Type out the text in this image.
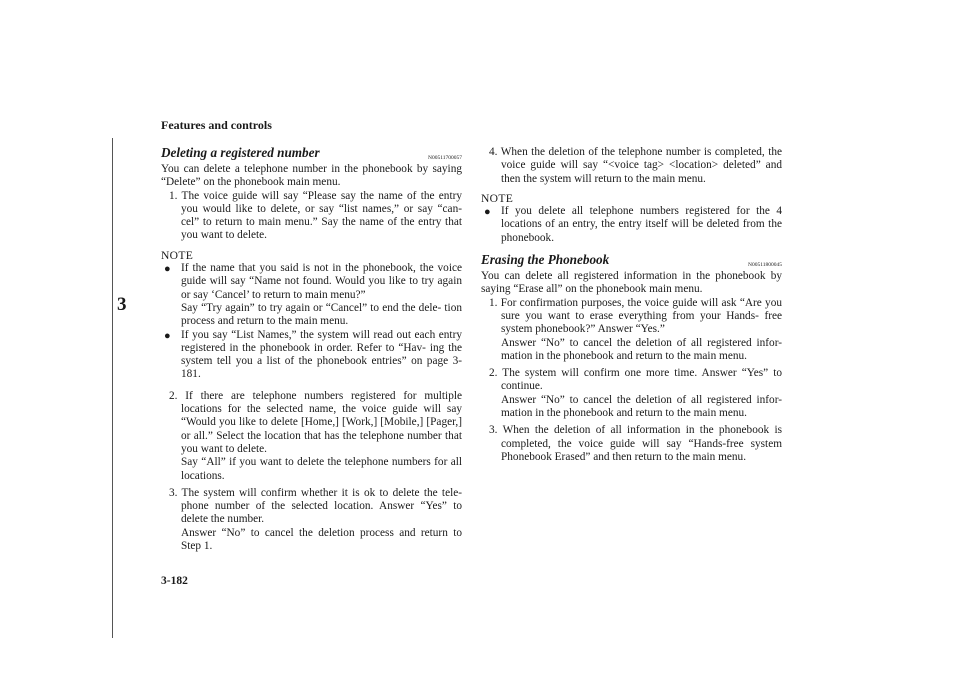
Features and controls
3
3-182
Deleting a registered number	N00511700057

You can delete a telephone number in the phonebook by saying “Delete” on the phonebook main menu.

1. The voice guide will say “Please say the name of the entry you would like to delete, or say “list names,” or say “can- cel” to return to main menu.” Say the name of the entry that you want to delete.

NOTE
● If the name that you said is not in the phonebook, the voice guide will say “Name not found. Would you like to try again or say ‘Cancel’ to return to main menu?”
Say “Try again” to try again or “Cancel” to end the dele- tion process and return to the main menu.
● If you say “List Names,” the system will read out each entry registered in the phonebook in order. Refer to “Hav- ing the system tell you a list of the phonebook entries” on page 3-181.

2. If there are telephone numbers registered for multiple locations for the selected name, the voice guide will say “Would you like to delete [Home,] [Work,] [Mobile,] [Pager,] or all.” Select the location that has the telephone number that you want to delete.

Say “All” if you want to delete the telephone numbers for all locations.

3. The system will confirm whether it is ok to delete the tele- phone number of the selected location. Answer “Yes” to delete the number.

Answer “No” to cancel the deletion process and return to Step 1.

4. When the deletion of the telephone number is completed, the voice guide will say “<voice tag> <location> deleted” and then the system will return to the main menu.

NOTE
● If you delete all telephone numbers registered for the 4 locations of an entry, the entry itself will be deleted from the phonebook.
Erasing the Phonebook	N00511800045

You can delete all registered information in the phonebook by saying “Erase all” on the phonebook main menu.

1. For confirmation purposes, the voice guide will ask “Are you sure you want to erase everything from your Hands- free system phonebook?” Answer “Yes.”

Answer “No” to cancel the deletion of all registered infor- mation in the phonebook and return to the main menu.

2. The system will confirm one more time. Answer “Yes” to continue.

Answer “No” to cancel the deletion of all registered infor- mation in the phonebook and return to the main menu.

3. When the deletion of all information in the phonebook is completed, the voice guide will say “Hands-free system Phonebook Erased” and then return to the main menu.
